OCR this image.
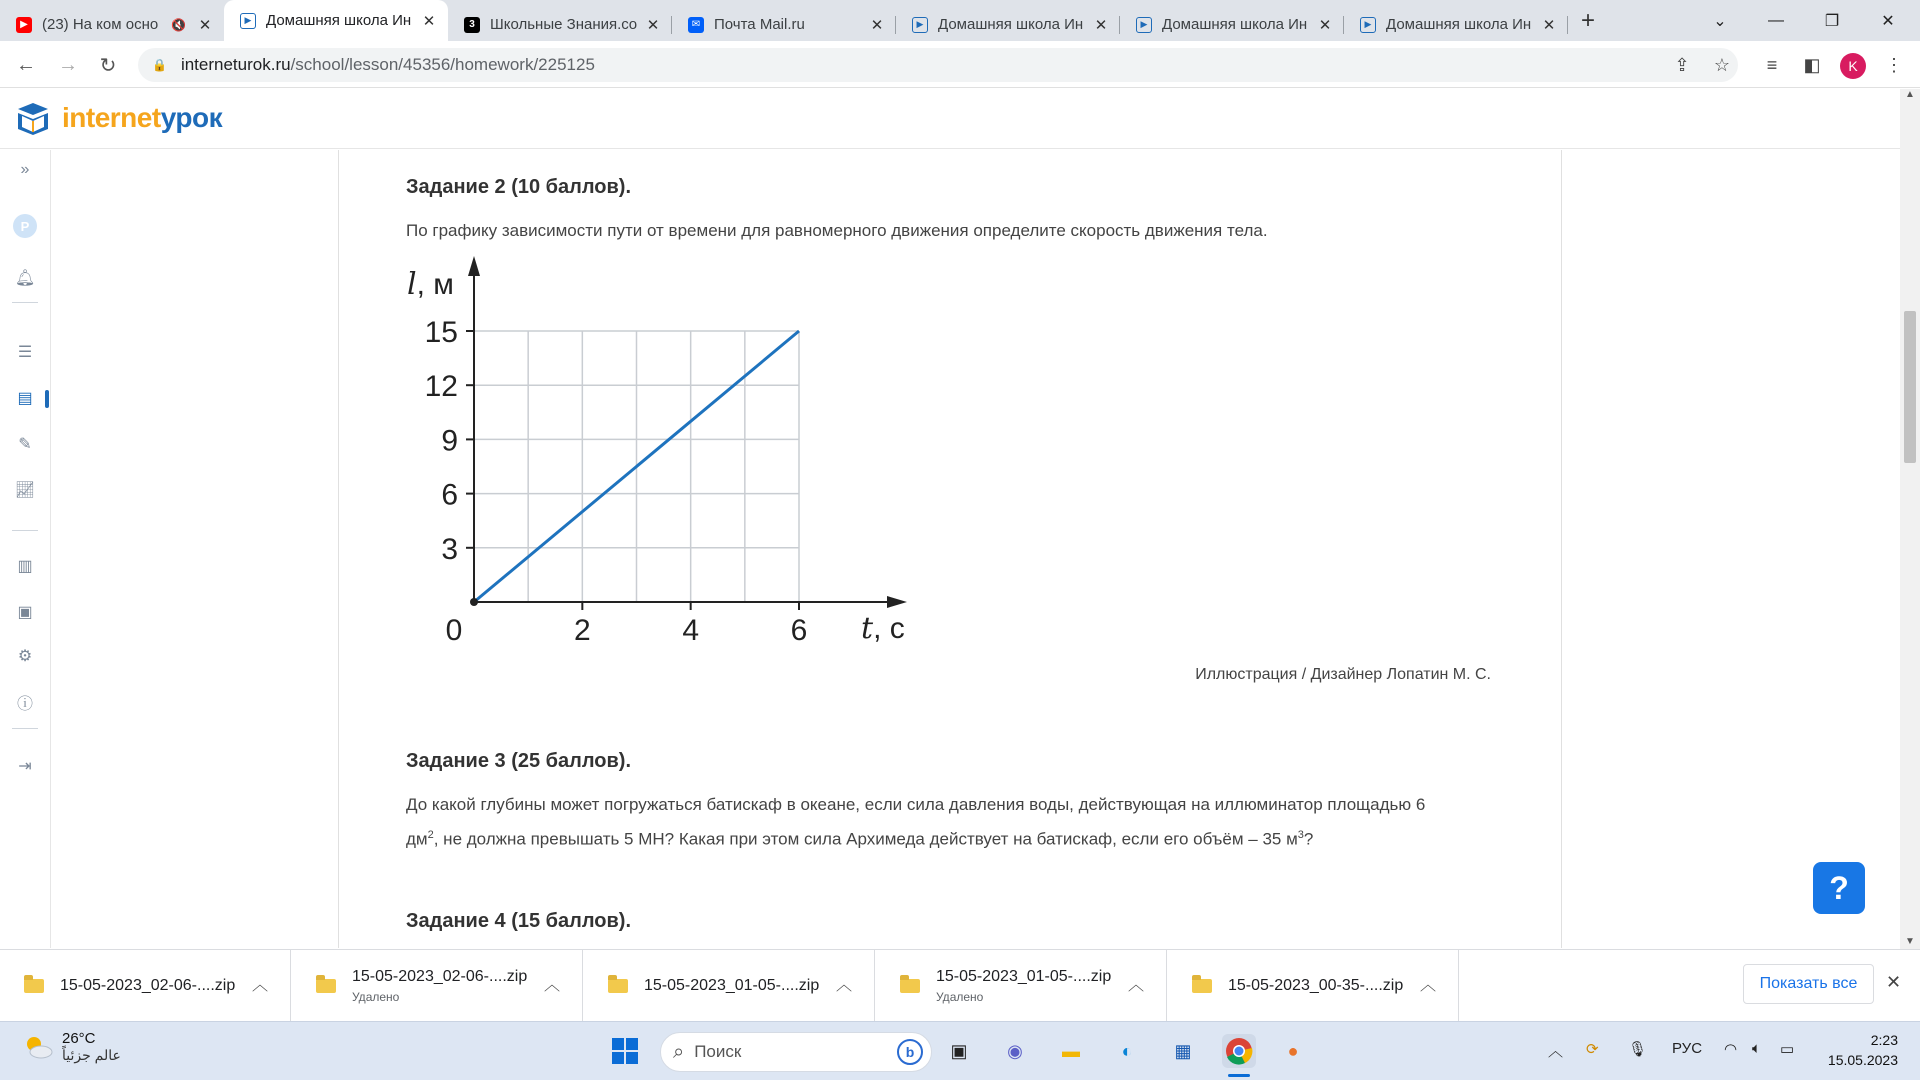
▶ (23) На ком осно	🔇 ✕	▶ Домашняя школа Ин ✕	3	Школьные Знания.co ✕	✉ Почта Mail.ru	✕	▶ Домашняя школа Ин ✕	▶ Домашняя школа Ин ✕	▶ Домашняя школа Ин ✕	+	⌄	—	❐	✕
← → ↻	🔒 interneturok.ru /school/lesson/45356/homework/225125	⇪	☆	≡	◧	K	⋮
internetурок
»
P
🔔︎
☰
▤
✎
📈︎
▥
▣
⚙
ⓘ
⇥
Задание 2 (10 баллов).
По графику зависимости пути от времени для равномерного движения определите скорость движения тела.
3
6
9
12
15
0	2	4	6
l, м
t, с
Иллюстрация / Дизайнер Лопатин М. С.
Задание 3 (25 баллов).
До какой глубины может погружаться батискаф в океане, если сила давления воды, действующая на иллюминатор площадью 6
$дм^2$, не должна превышать 5 МН? Какая при этом сила Архимеда действует на батискаф, если его объём – 35 $м^3$?
Задание 4 (15 баллов).
▲
▼
?
15-05-2023_02-06-....zip ︿
15-05-2023_02-06-....zip
Удалено
︿	15-05-2023_01-05-....zip ︿
15-05-2023_01-05-....zip
Удалено
︿	15-05-2023_00-35-....zip ︿	Показать все	✕
26°C
عالم جزئياً	⌕ Поиск	b	▣	◉	▬	◐	▦	●	︿ ⟳ 🎙︎ РУС ◠ 🔈︎ ▭
2:23
15.05.2023
